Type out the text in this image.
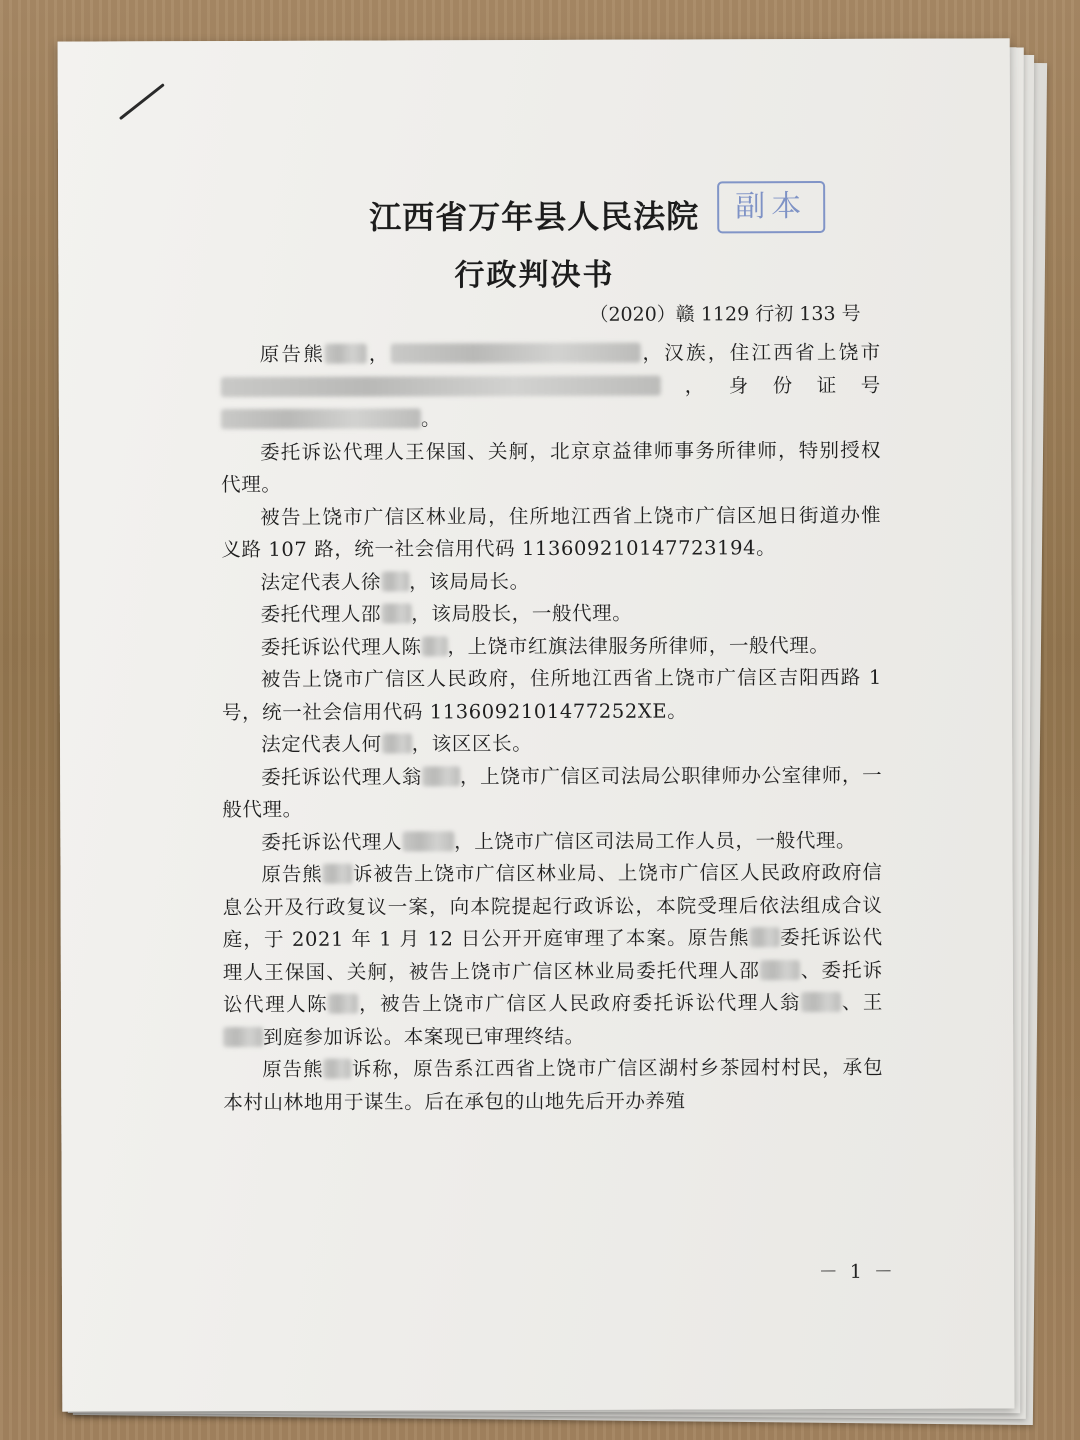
江西省万年县人民法院	副本
行政判决书
（2020）赣 1129 行初 133 号

原告熊 ，	，汉族，住江西省上饶市，身份证号。

委托诉讼代理人王保国、关舸，北京京益律师事务所律师，特别授权代理。

被告上饶市广信区林业局，住所地江西省上饶市广信区旭日街道办惟义路 107 路，统一社会信用代码 113609210147723194。

法定代表人徐 ，该局局长。

委托代理人邵 ，该局股长，一般代理。

委托诉讼代理人陈 ，上饶市红旗法律服务所律师，一般代理。

被告上饶市广信区人民政府，住所地江西省上饶市广信区吉阳西路 1 号，统一社会信用代码 1136092101477252XE。

法定代表人何 ，该区区长。

委托诉讼代理人翁 ，上饶市广信区司法局公职律师办公室律师，一般代理。

委托诉讼代理人	，上饶市广信区司法局工作人员，一般代理。

原告熊 诉被告上饶市广信区林业局、上饶市广信区人民政府政府信息公开及行政复议一案，向本院提起行政诉讼，本院受理后依法组成合议庭，于 2021 年 1 月 12 日公开开庭审理了本案。原告熊 委托诉讼代理人王保国、关舸，被告上饶市广信区林业局委托代理人邵 、委托诉讼代理人陈 ，被告上饶市广信区人民政府委托诉讼代理人翁 、王到庭参加诉讼。本案现已审理终结。

原告熊 诉称，原告系江西省上饶市广信区湖村乡茶园村村民，承包本村山林地用于谋生。后在承包的山地先后开办养殖

－ 1 －
